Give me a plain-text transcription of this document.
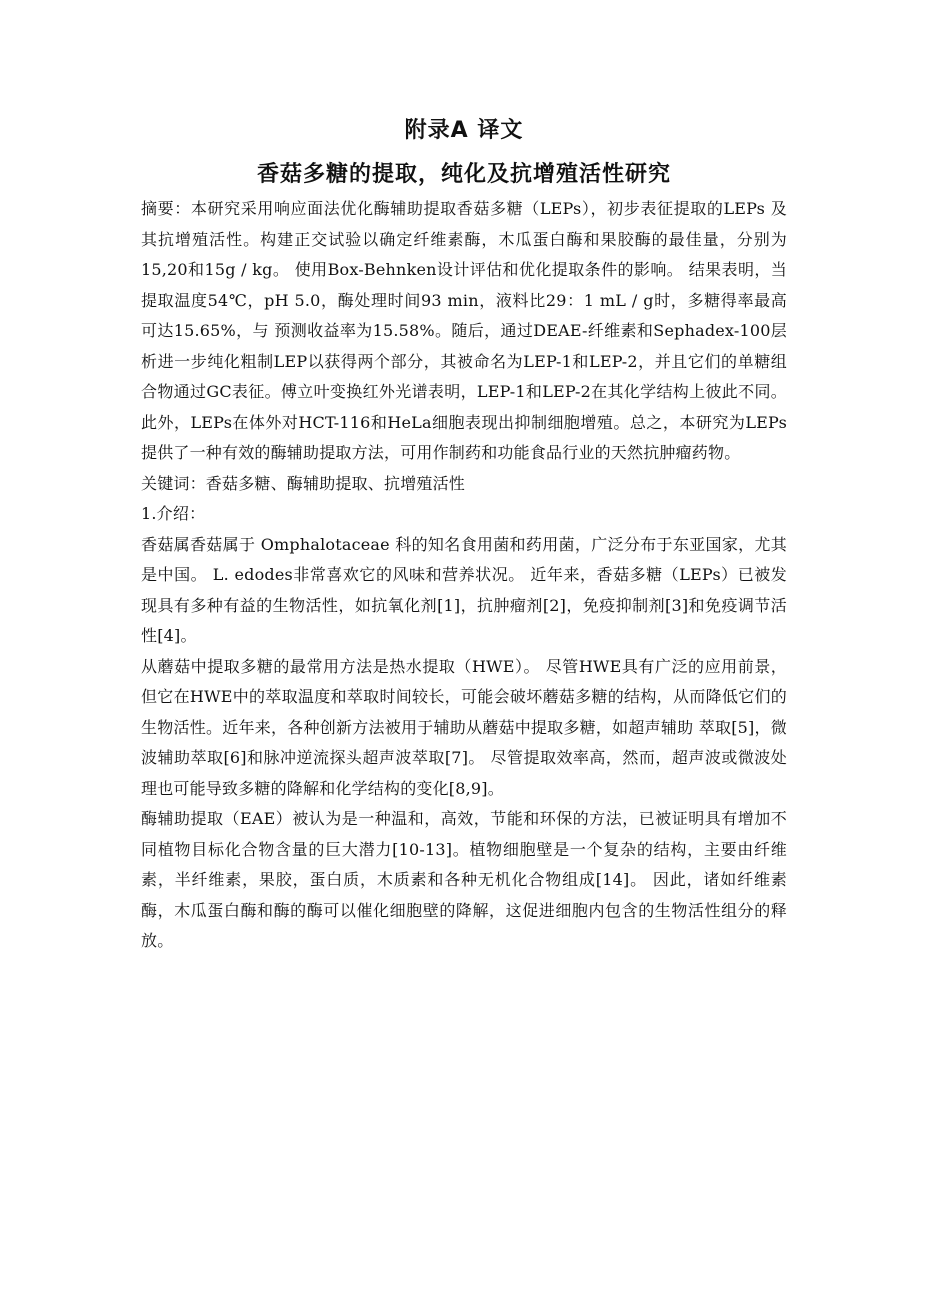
附录A 译文
香菇多糖的提取，纯化及抗增殖活性研究

摘要：本研究采用响应面法优化酶辅助提取香菇多糖（LEPs），初步表征提取的LEPs 及其抗增殖活性。构建正交试验以确定纤维素酶，木瓜蛋白酶和果胶酶的最佳量，分别为15,20和15g / kg。 使用Box-Behnken设计评估和优化提取条件的影响。 结果表明，当提取温度54℃，pH 5.0，酶处理时间93 min，液料比29：1 mL / g时，多糖得率最高可达15.65%，与 预测收益率为15.58%。随后，通过DEAE-纤维素和Sephadex-100层析进一步纯化粗制LEP以获得两个部分，其被命名为LEP-1和LEP-2，并且它们的单糖组合物通过GC表征。傅立叶变换红外光谱表明，LEP-1和LEP-2在其化学结构上彼此不同。 此外，LEPs在体外对HCT-116和HeLa细胞表现出抑制细胞增殖。总之，本研究为LEPs提供了一种有效的酶辅助提取方法，可用作制药和功能食品行业的天然抗肿瘤药物。

关键词：香菇多糖、酶辅助提取、抗增殖活性

1.介绍：

香菇属香菇属于 Omphalotaceae 科的知名食用菌和药用菌，广泛分布于东亚国家，尤其是中国。 L. edodes非常喜欢它的风味和营养状况。 近年来，香菇多糖（LEPs）已被发现具有多种有益的生物活性，如抗氧化剂[1]，抗肿瘤剂[2]，免疫抑制剂[3]和免疫调节活性[4]。

从蘑菇中提取多糖的最常用方法是热水提取（HWE）。 尽管HWE具有广泛的应用前景，但它在HWE中的萃取温度和萃取时间较长，可能会破坏蘑菇多糖的结构，从而降低它们的生物活性。近年来，各种创新方法被用于辅助从蘑菇中提取多糖，如超声辅助 萃取[5]，微波辅助萃取[6]和脉冲逆流探头超声波萃取[7]。 尽管提取效率高，然而，超声波或微波处理也可能导致多糖的降解和化学结构的变化[8,9]。

酶辅助提取（EAE）被认为是一种温和，高效，节能和环保的方法，已被证明具有增加不同植物目标化合物含量的巨大潜力[10-13]。植物细胞壁是一个复杂的结构，主要由纤维素，半纤维素，果胶，蛋白质，木质素和各种无机化合物组成[14]。 因此，诸如纤维素酶，木瓜蛋白酶和酶的酶可以催化细胞壁的降解，这促进细胞内包含的生物活性组分的释放。
